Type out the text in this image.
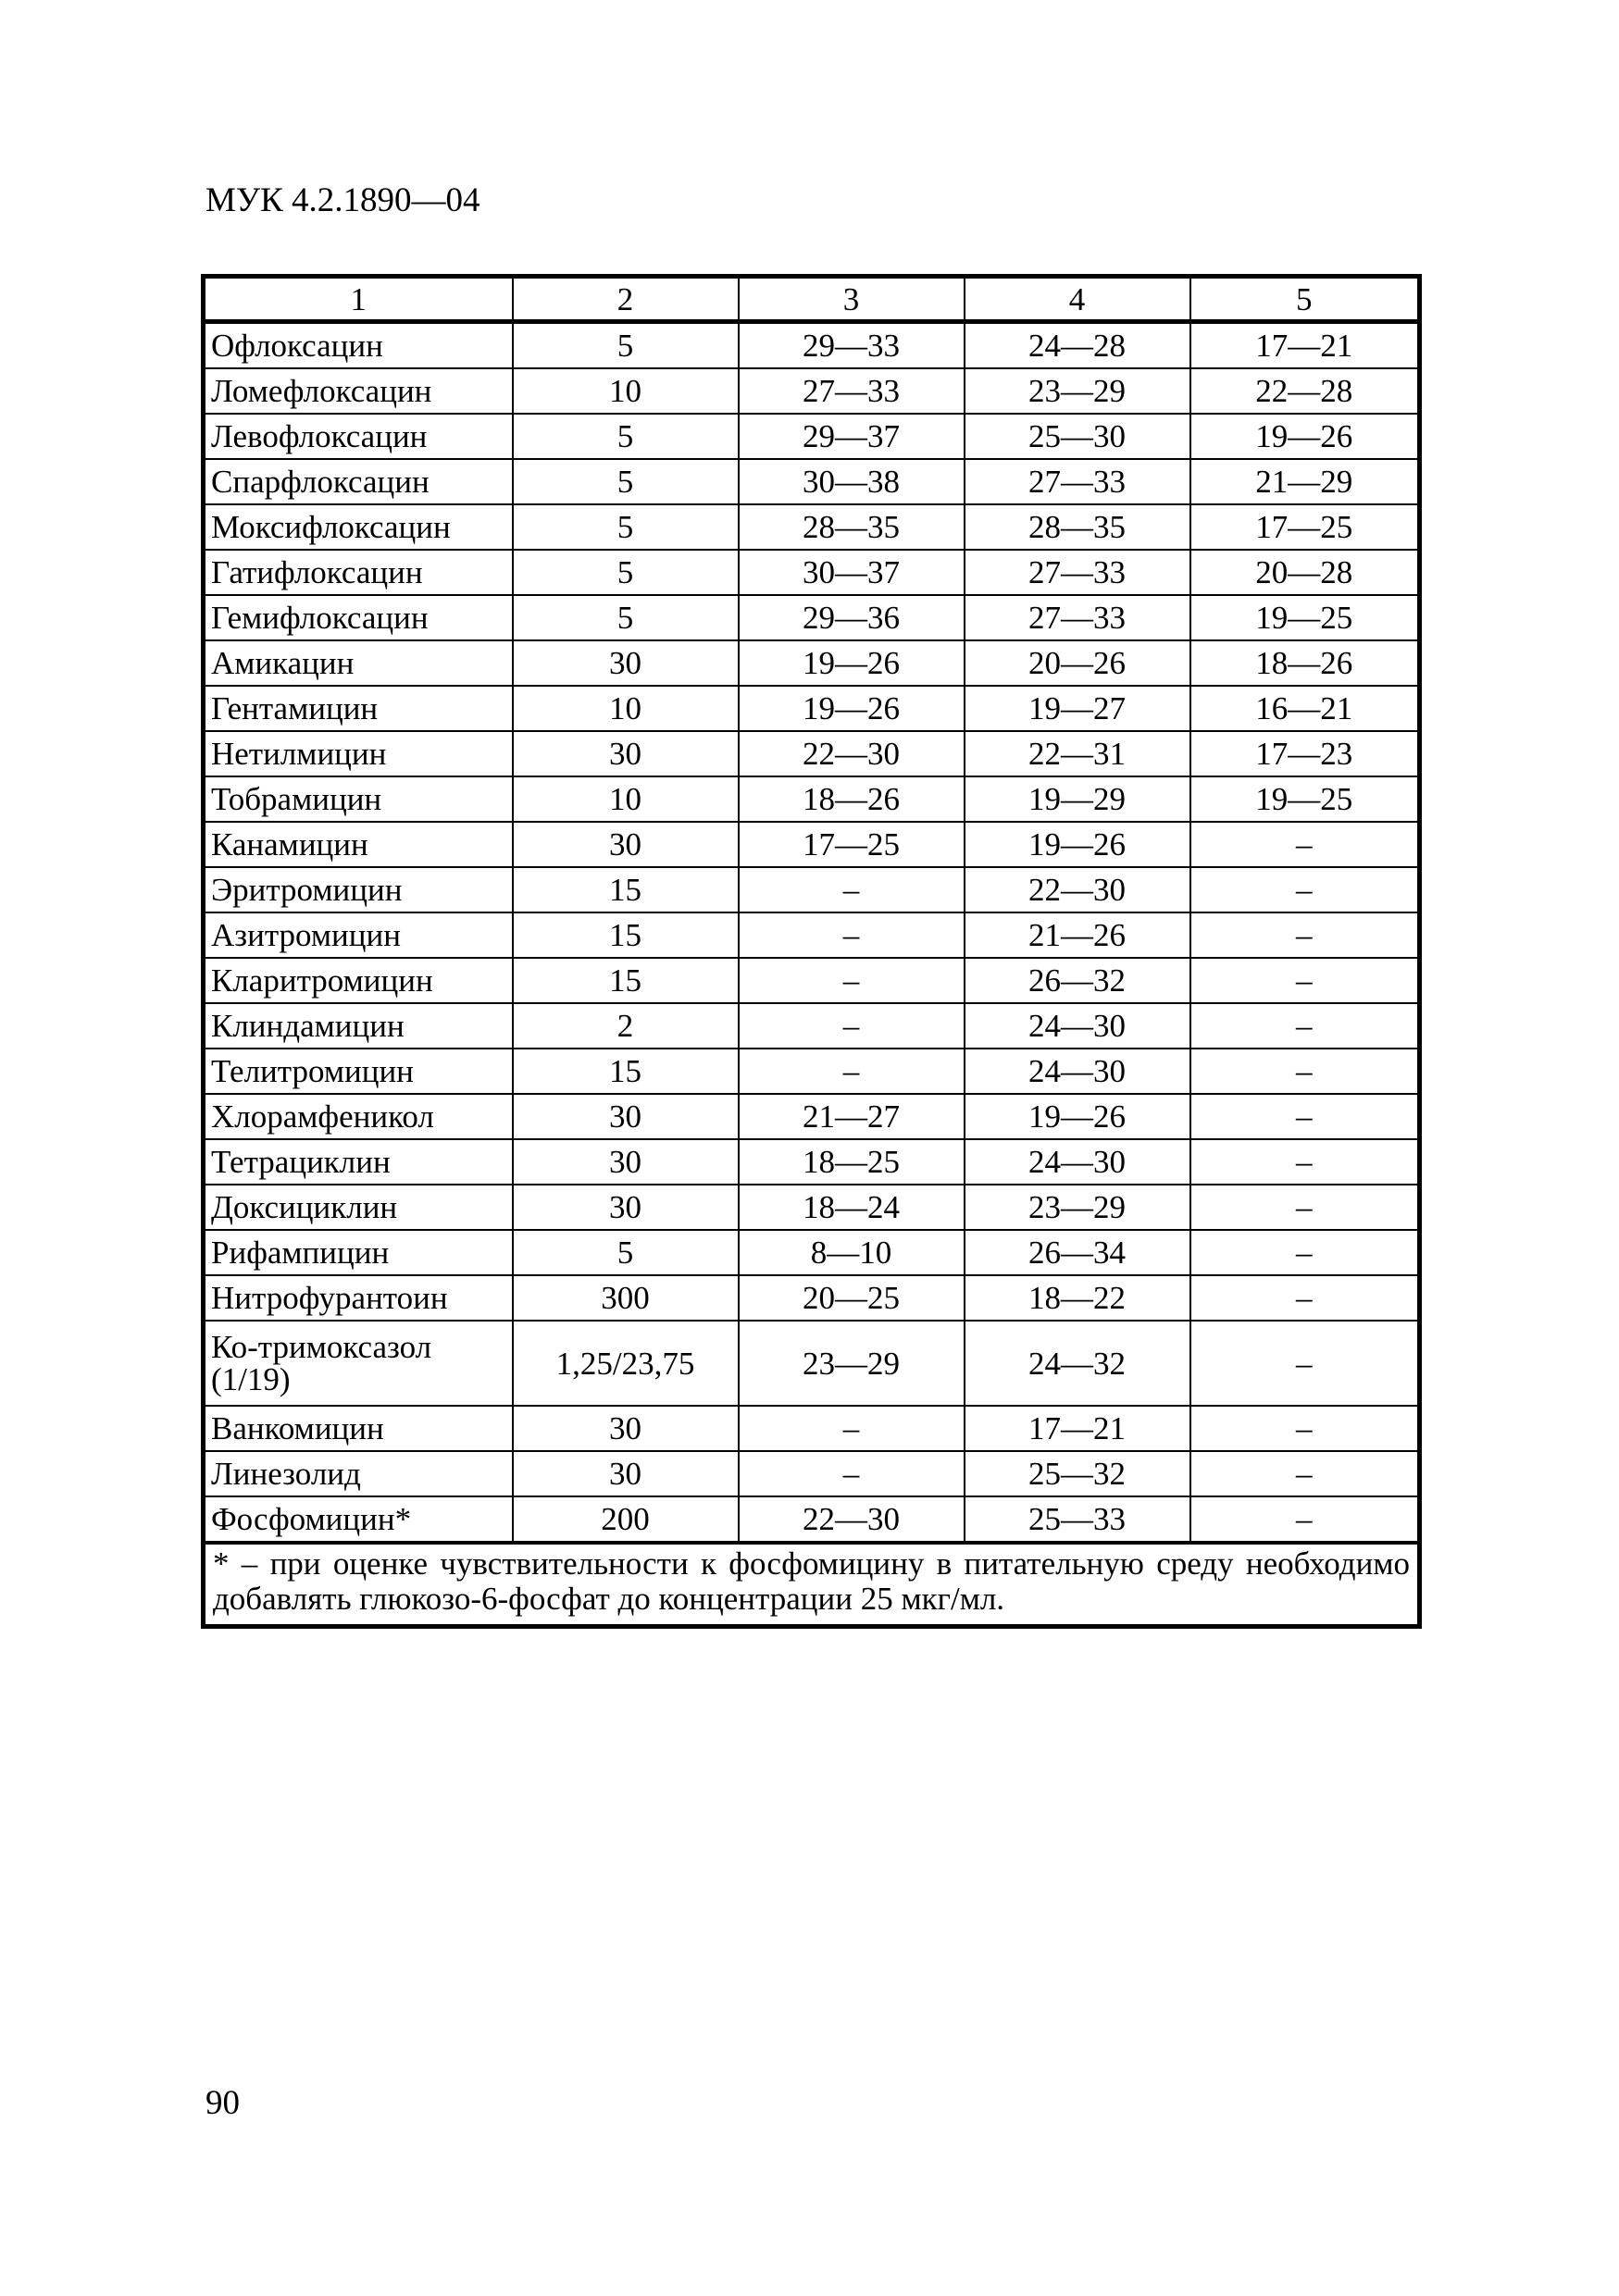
МУК 4.2.1890—04
1	2	3	4	5
Офлоксацин	5	29—33	24—28	17—21
Ломефлоксацин	10	27—33	23—29	22—28
Левофлоксацин	5	29—37	25—30	19—26
Спарфлоксацин	5	30—38	27—33	21—29
Моксифлоксацин	5	28—35	28—35	17—25
Гатифлоксацин	5	30—37	27—33	20—28
Гемифлоксацин	5	29—36	27—33	19—25
Амикацин	30	19—26	20—26	18—26
Гентамицин	10	19—26	19—27	16—21
Нетилмицин	30	22—30	22—31	17—23
Тобрамицин	10	18—26	19—29	19—25
Канамицин	30	17—25	19—26	–
Эритромицин	15	–	22—30	–
Азитромицин	15	–	21—26	–
Кларитромицин	15	–	26—32	–
Клиндамицин	2	–	24—30	–
Телитромицин	15	–	24—30	–
Хлорамфеникол	30	21—27	19—26	–
Тетрациклин	30	18—25	24—30	–
Доксициклин	30	18—24	23—29	–
Рифампицин	5	8—10	26—34	–
Нитрофурантоин	300	20—25	18—22	–
Ко-тримоксазол (1/19)	1,25/23,75	23—29	24—32	–
Ванкомицин	30	–	17—21	–
Линезолид	30	–	25—32	–
Фосфомицин*	200	22—30	25—33	–
* – при оценке чувствительности к фосфомицину в питательную среду необходимо добавлять глюкозо-6-фосфат до концентрации 25 мкг/мл.				
90
